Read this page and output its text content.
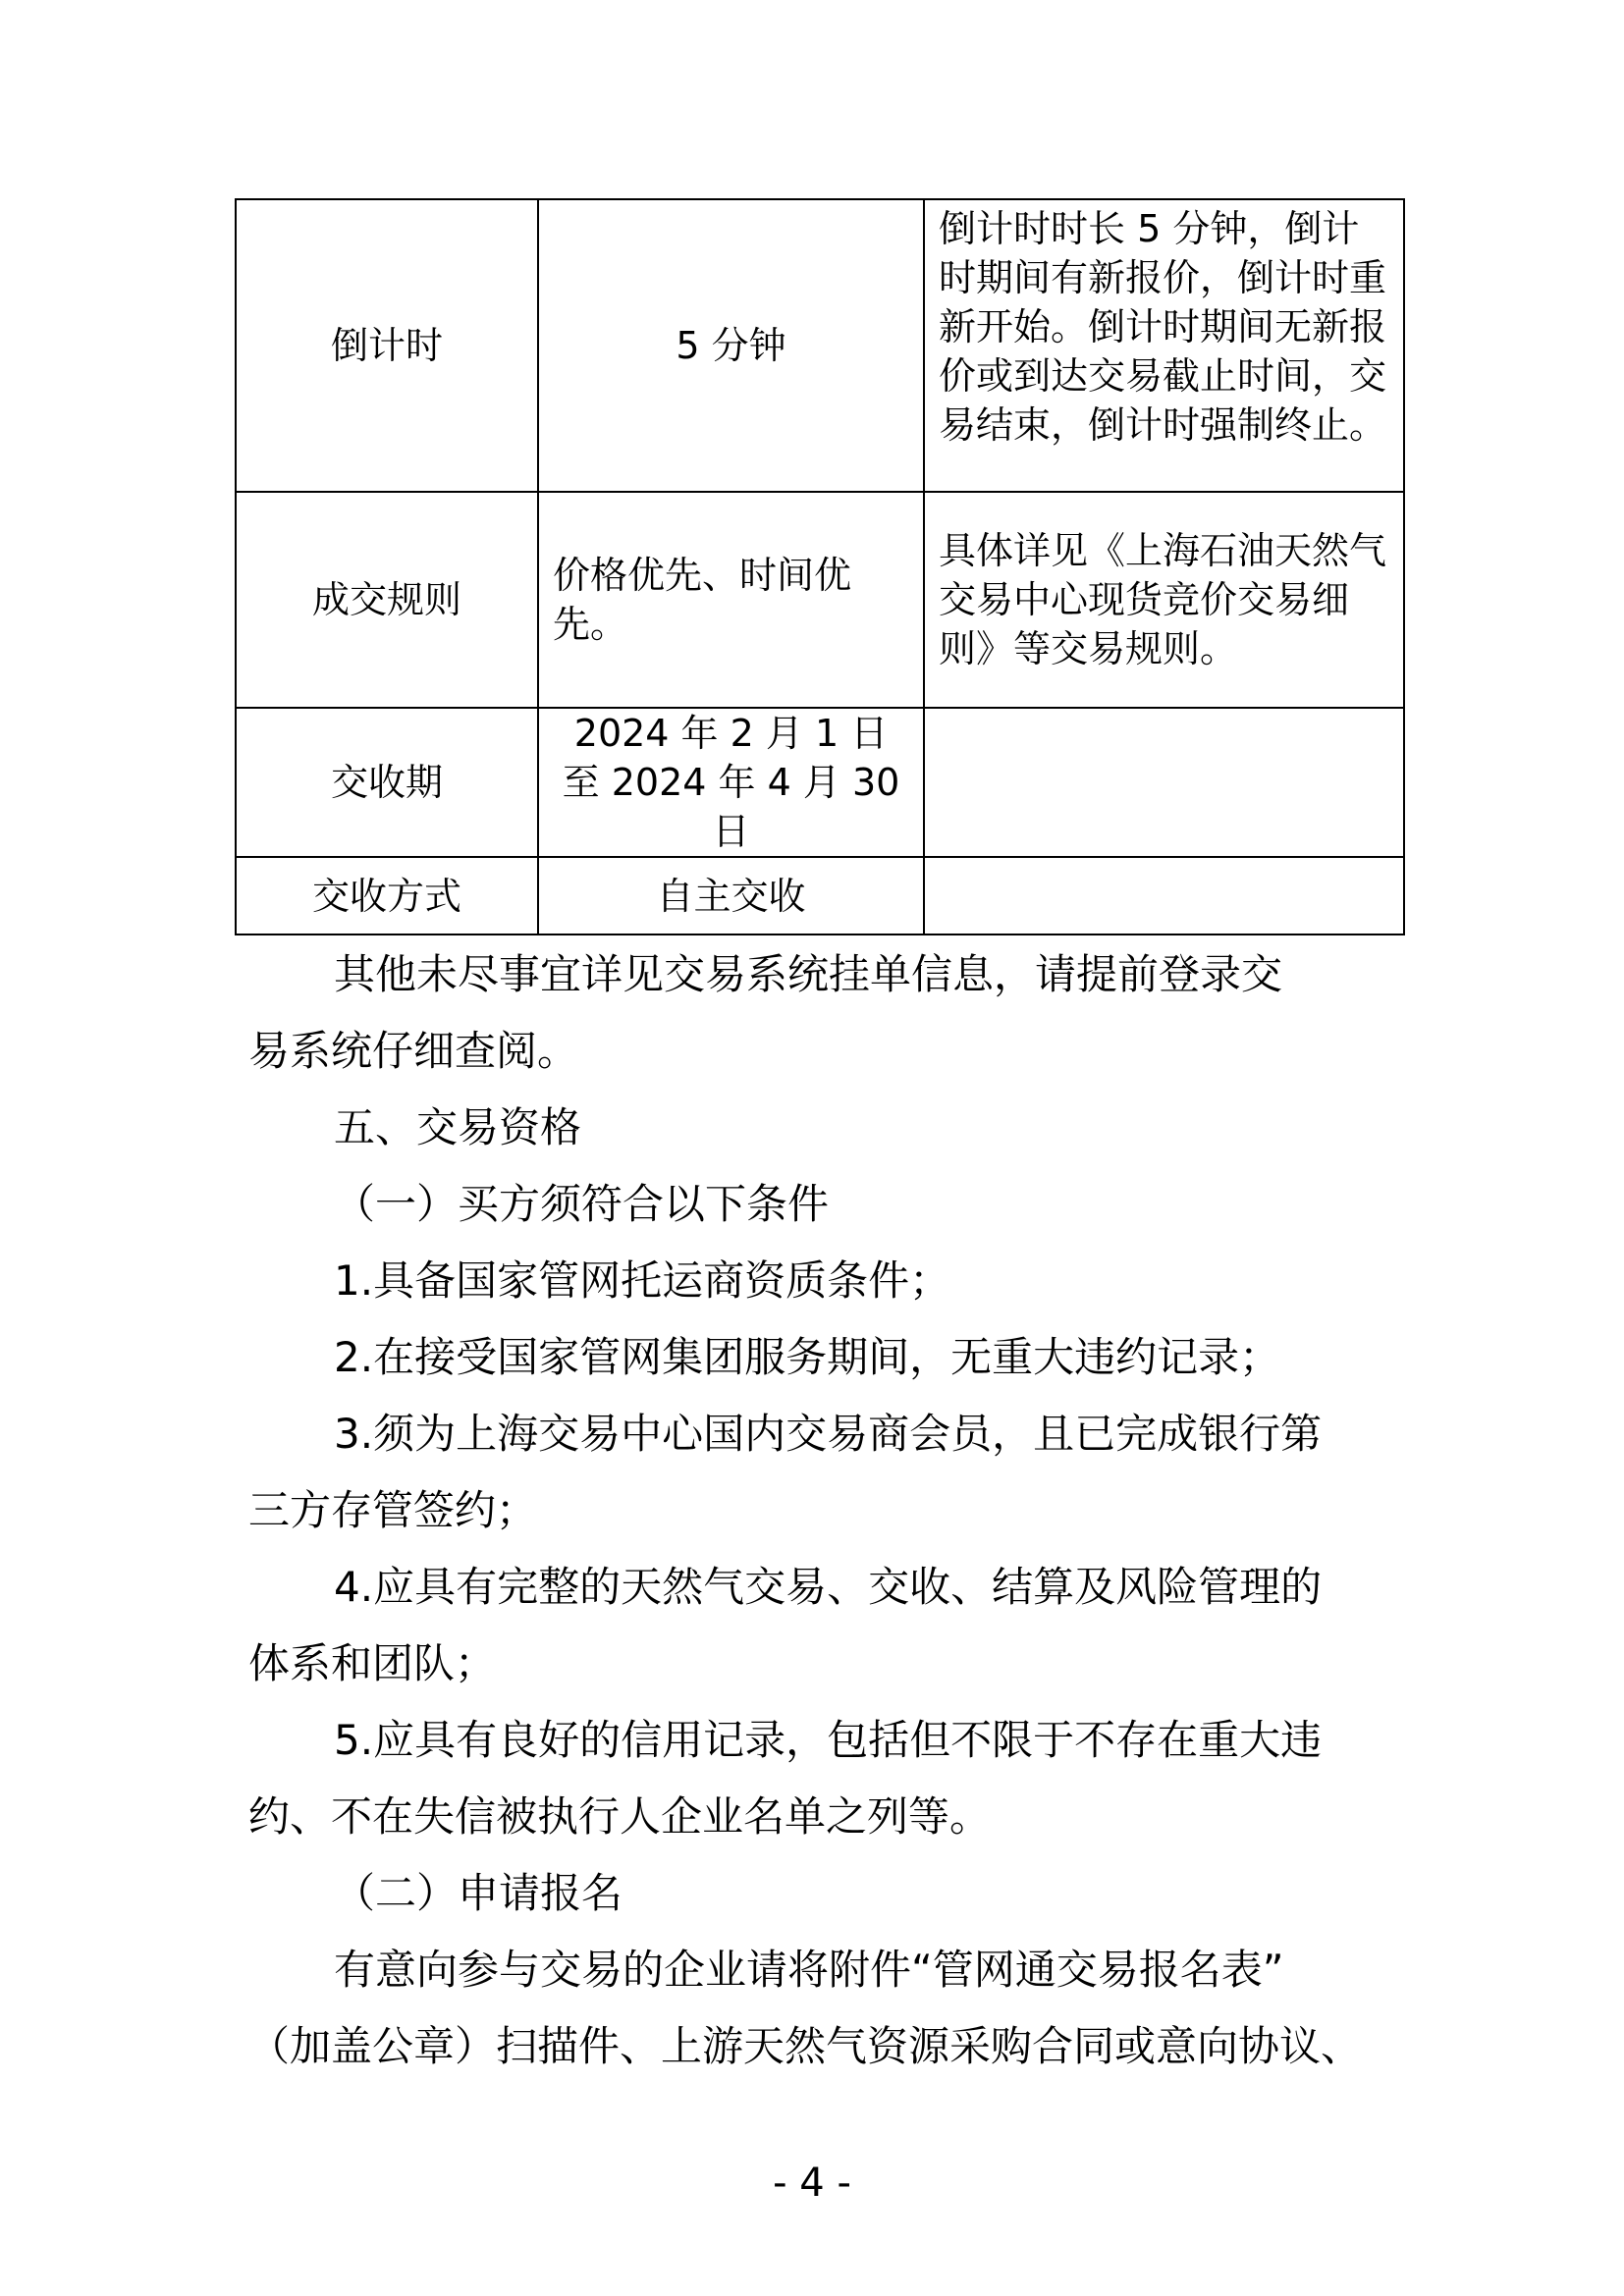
倒计时	5 分钟	倒计时时长 5 分钟，倒计时期间有新报价，倒计时重新开始。倒计时期间无新报价或到达交易截止时间，交易结束，倒计时强制终止。
成交规则	价格优先、时间优先。	具体详见《上海石油天然气交易中心现货竞价交易细则》等交易规则。
交收期	2024 年 2 月 1 日至 2024 年 4 月 30 日	
交收方式	自主交收	
其他未尽事宜详见交易系统挂单信息，请提前登录交
易系统仔细查阅。
五、交易资格
（一）买方须符合以下条件
1.具备国家管网托运商资质条件；
2.在接受国家管网集团服务期间，无重大违约记录；
3.须为上海交易中心国内交易商会员，且已完成银行第
三方存管签约；
4.应具有完整的天然气交易、交收、结算及风险管理的
体系和团队；
5.应具有良好的信用记录，包括但不限于不存在重大违
约、不在失信被执行人企业名单之列等。
（二）申请报名
有意向参与交易的企业请将附件“管网通交易报名表”
（加盖公章）扫描件、上游天然气资源采购合同或意向协议、
- 4 -
